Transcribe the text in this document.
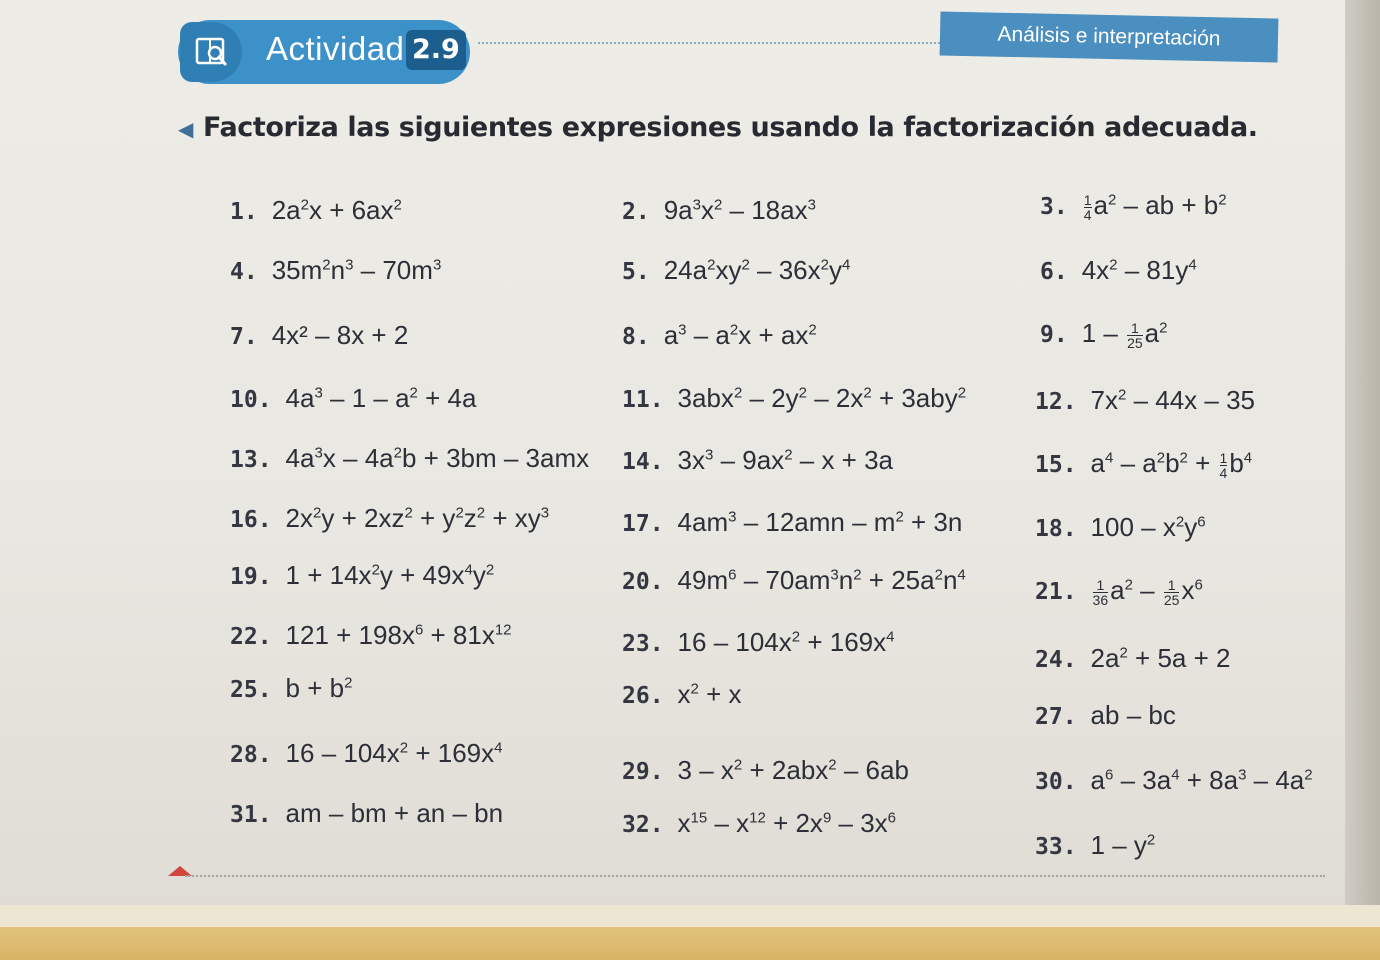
Actividad 2.9	Análisis e interpretación
◀ Factoriza las siguientes expresiones usando la factorización adecuada.
1. $2a^2x + 6ax^2$
4. $35m^2n^3 - 70m^3$
7. 4x² – 8x + 2
10. $4a^3 - 1 - a^2 + 4a$
13. $4a^3x - 4a^2b + 3bm - 3amx$
16. $2x^2y + 2xz^2 + y^2z^2 + xy^3$
19. $1 + 14x^2y + 49x^4y^2$
22. $121 + 198x^6 + 81x^{12}$
25. $b + b^2$
28. $16 - 104x^2 + 169x^4$
31. am – bm + an – bn
2. $9a^3x^2 - 18ax^3$
5. $24a^2xy^2 - 36x^2y^4$
8. $a^3 - a^2x + ax^2$
11. $3abx^2 - 2y^2 - 2x^2 + 3aby^2$
14. $3x^3 - 9ax^2 - x + 3a$
17. $4am^3 - 12amn - m^2 + 3n$
20. $49m^6 - 70am^3n^2 + 25a^2n^4$
23. $16 - 104x^2 + 169x^4$
26. $x^2 + x$
29. $3 - x^2 + 2abx^2 - 6ab$
32. $x^{15} - x^{12} + 2x^9 - 3x^6$
3. $\frac{1}{4} a^2$ – ab + $b^2$
6. $4x^2 - 81y^4$
9. $1 - \frac{1}{25} a^2$
12. $7x^2 - 44x - 35$
15. $a^4 - a^2b^2 + \frac{1}{4} b^4$
18. $100 - x^2y^6$
21. $\frac{1}{36} a^2 - \frac{1}{25} x^6$
24. $2a^2 + 5a + 2$
27. ab – bc
30. $a^6 - 3a^4 + 8a^3 - 4a^2$
33. $1 - y^2$
